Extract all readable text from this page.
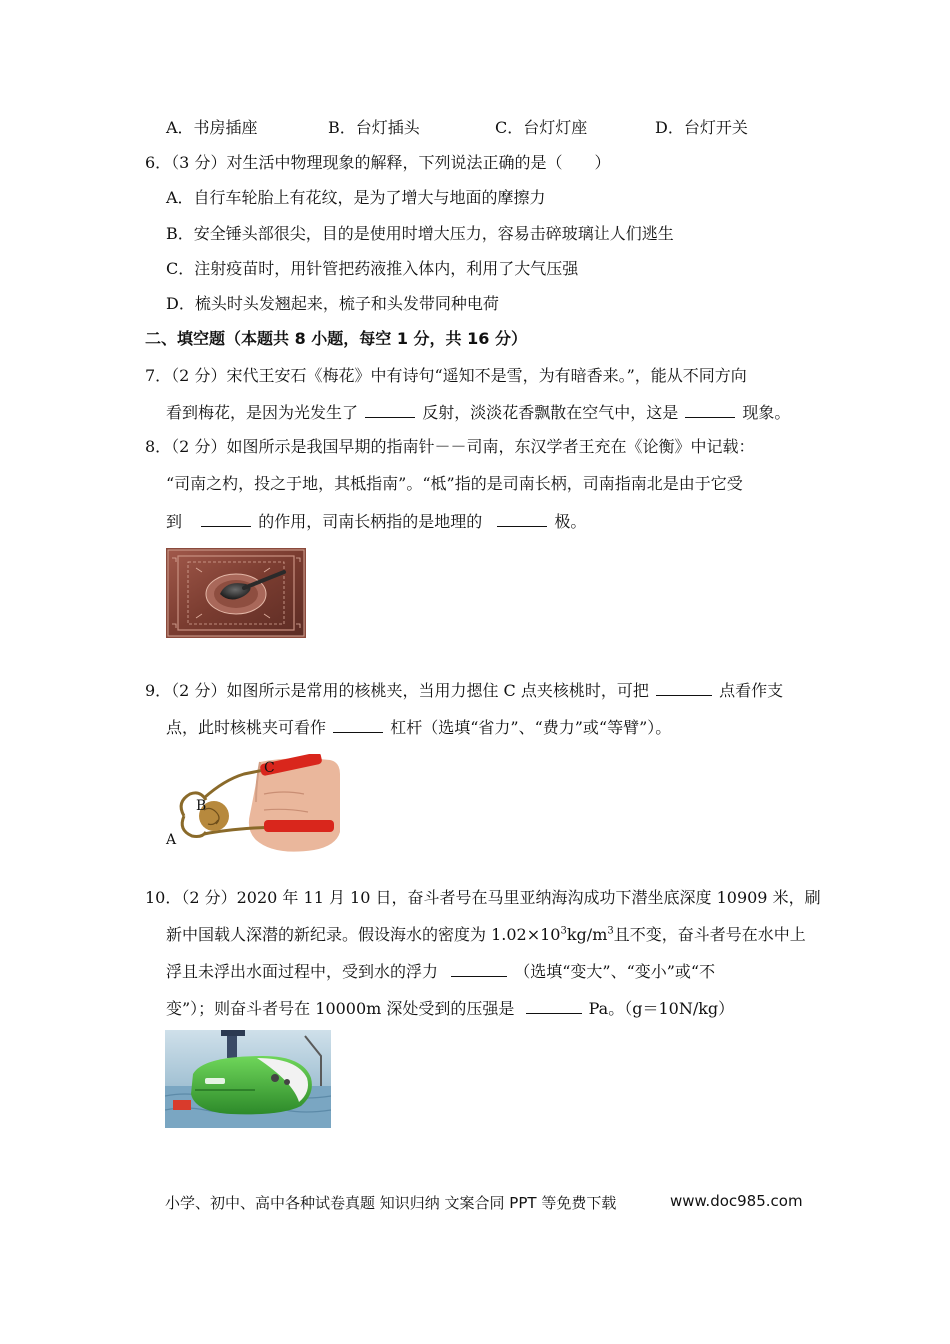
A．书房插座	B．台灯插头	C．台灯灯座	D．台灯开关
6．（3 分）对生活中物理现象的解释，下列说法正确的是（　　）
A．自行车轮胎上有花纹，是为了增大与地面的摩擦力
B．安全锤头部很尖，目的是使用时增大压力，容易击碎玻璃让人们逃生
C．注射疫苗时，用针管把药液推入体内，利用了大气压强
D．梳头时头发翘起来，梳子和头发带同种电荷
二、填空题（本题共 8 小题，每空 1 分，共 16 分）
7．（2 分）宋代王安石《梅花》中有诗句“遥知不是雪，为有暗香来。”，能从不同方向
看到梅花，是因为光发生了	反射，淡淡花香飘散在空气中，这是	现象。
8．（2 分）如图所示是我国早期的指南针－－司南，东汉学者王充在《论衡》中记载：
“司南之杓，投之于地，其柢指南”。“柢”指的是司南长柄，司南指南北是由于它受
到	的作用，司南长柄指的是地理的	极。
9．（2 分）如图所示是常用的核桃夹，当用力摁住 C 点夹核桃时，可把	点看作支
点，此时核桃夹可看作	杠杆（选填“省力”、“费力”或“等臂”）。
A
B
C
10．（2 分）2020 年 11 月 10 日，奋斗者号在马里亚纳海沟成功下潜坐底深度 10909 米，刷
新中国载人深潜的新纪录。假设海水的密度为 $1.02\times 10^3kg/m^3$且不变，奋斗者号在水中上
浮且未浮出水面过程中，受到水的浮力	（选填“变大”、“变小”或“不
变”）；则奋斗者号在 10000m 深处受到的压强是	Pa。（g＝10N/kg）
小学、初中、高中各种试卷真题 知识归纳 文案合同 PPT 等免费下载	www.doc985.com
